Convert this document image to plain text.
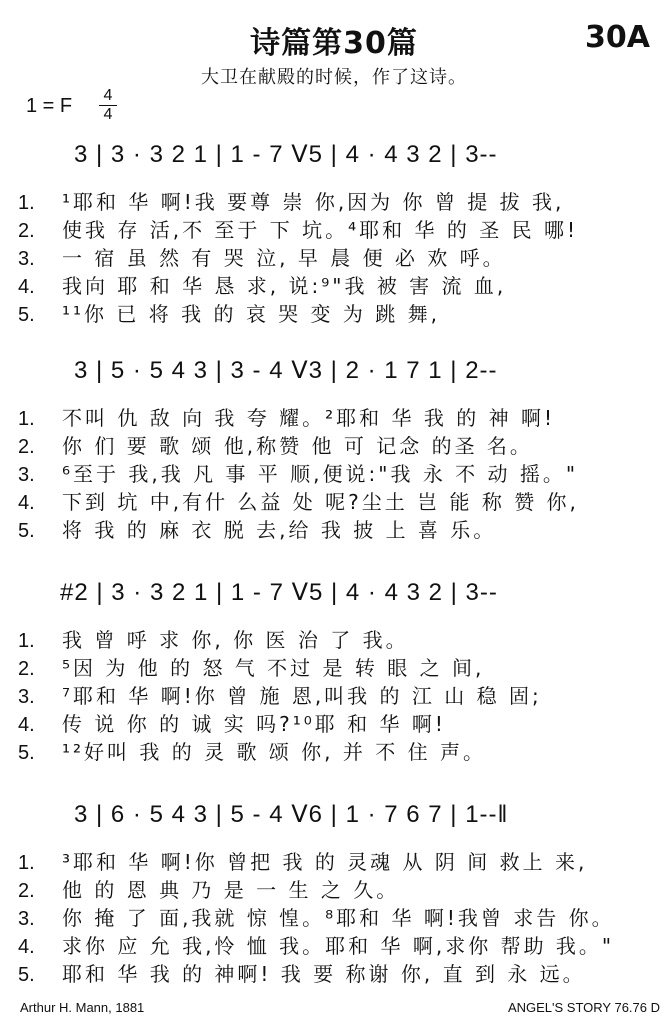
诗篇第30篇	30A
大卫在献殿的时候，作了这诗。
1 = F	4
4
3 | 3 · 3 2 1 | 1 - 7 ᐯ5 | 4 · 4 3 2 | 3--
1. ¹耶和 华 啊!我 要尊 崇 你,因为 你 曾 提 拔 我,
2. 使我 存 活,不 至于 下 坑。⁴耶和 华 的 圣 民 哪!
3. 一 宿 虽 然 有 哭 泣, 早 晨 便 必 欢 呼。
4. 我向 耶 和 华 恳 求, 说:⁹"我 被 害 流 血,
5. ¹¹你 已 将 我 的 哀 哭 变 为 跳 舞,
3 | 5 · 5 4 3 | 3 - 4 ᐯ3 | 2 · 1 7 1 | 2--
1. 不叫 仇 敌 向 我 夸 耀。²耶和 华 我 的 神 啊!
2. 你 们 要 歌 颂 他,称赞 他 可 记念 的圣 名。
3. ⁶至于 我,我 凡 事 平 顺,便说:"我 永 不 动 摇。"
4. 下到 坑 中,有什 么益 处 呢?尘土 岂 能 称 赞 你,
5. 将 我 的 麻 衣 脱 去,给 我 披 上 喜 乐。
#2 | 3 · 3 2 1 | 1 - 7 ᐯ5 | 4 · 4 3 2 | 3--
1. 我 曾 呼 求 你, 你 医 治 了 我。
2. ⁵因 为 他 的 怒 气 不过 是 转 眼 之 间,
3. ⁷耶和 华 啊!你 曾 施 恩,叫我 的 江 山 稳 固;
4. 传 说 你 的 诚 实 吗?¹⁰耶 和 华 啊!
5. ¹²好叫 我 的 灵 歌 颂 你, 并 不 住 声。
3 | 6 · 5 4 3 | 5 - 4 ᐯ6 | 1 · 7 6 7 | 1--‖
1. ³耶和 华 啊!你 曾把 我 的 灵魂 从 阴 间 救上 来,
2. 他 的 恩 典 乃 是 一 生 之 久。
3. 你 掩 了 面,我就 惊 惶。⁸耶和 华 啊!我曾 求告 你。
4. 求你 应 允 我,怜 恤 我。耶和 华 啊,求你 帮助 我。"
5. 耶和 华 我 的 神啊! 我 要 称谢 你, 直 到 永 远。
Arthur H. Mann, 1881	ANGEL'S STORY 76.76 D
